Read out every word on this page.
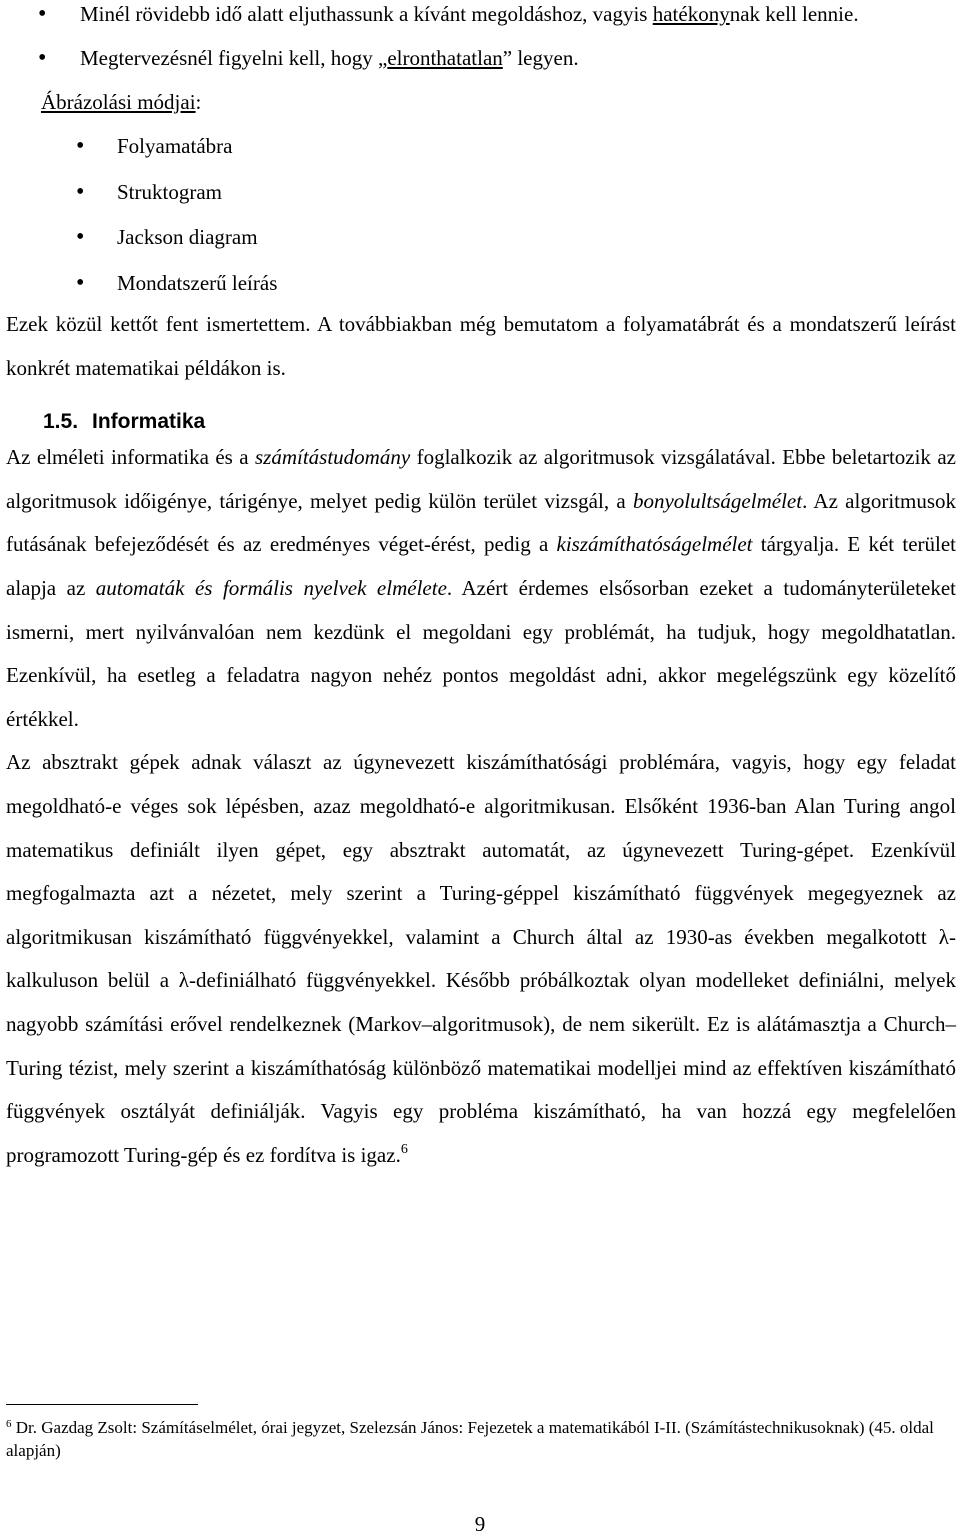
• Minél rövidebb idő alatt eljuthassunk a kívánt megoldáshoz, vagyis hatékonynak kell lennie.
• Megtervezésnél figyelni kell, hogy „elronthatatlan” legyen.

Ábrázolási módjai:

• Folyamatábra
• Struktogram
• Jackson diagram
• Mondatszerű leírás

Ezek közül kettőt fent ismertettem. A továbbiakban még bemutatom a folyamatábrát és a mondatszerű leírást konkrét matematikai példákon is.

1.5. Informatika

Az elméleti informatika és a számítástudomány foglalkozik az algoritmusok vizsgálatával. Ebbe beletartozik az algoritmusok időigénye, tárigénye, melyet pedig külön terület vizsgál, a bonyolultságelmélet. Az algoritmusok futásának befejeződését és az eredményes véget-érést, pedig a kiszámíthatóságelmélet tárgyalja. E két terület alapja az automaták és formális nyelvek elmélete. Azért érdemes elsősorban ezeket a tudományterületeket ismerni, mert nyilvánvalóan nem kezdünk el megoldani egy problémát, ha tudjuk, hogy megoldhatatlan. Ezenkívül, ha esetleg a feladatra nagyon nehéz pontos megoldást adni, akkor megelégszünk egy közelítő értékkel.

Az absztrakt gépek adnak választ az úgynevezett kiszámíthatósági problémára, vagyis, hogy egy feladat megoldható-e véges sok lépésben, azaz megoldható-e algoritmikusan. Elsőként 1936-ban Alan Turing angol matematikus definiált ilyen gépet, egy absztrakt automatát, az úgynevezett Turing-gépet. Ezenkívül megfogalmazta azt a nézetet, mely szerint a Turing-géppel kiszámítható függvények megegyeznek az algoritmikusan kiszámítható függvényekkel, valamint a Church által az 1930-as években megalkotott λ-kalkuluson belül a λ-definiálható függvényekkel. Később próbálkoztak olyan modelleket definiálni, melyek nagyobb számítási erővel rendelkeznek (Markov–algoritmusok), de nem sikerült. Ez is alátámasztja a Church–Turing tézist, mely szerint a kiszámíthatóság különböző matematikai modelljei mind az effektíven kiszámítható függvények osztályát definiálják. Vagyis egy probléma kiszámítható, ha van hozzá egy megfelelően programozott Turing-gép és ez fordítva is igaz.$^6$

$^6$ Dr. Gazdag Zsolt: Számításelmélet, órai jegyzet, Szelezsán János: Fejezetek a matematikából I-II. (Számítástechnikusoknak) (45. oldal alapján)

9
